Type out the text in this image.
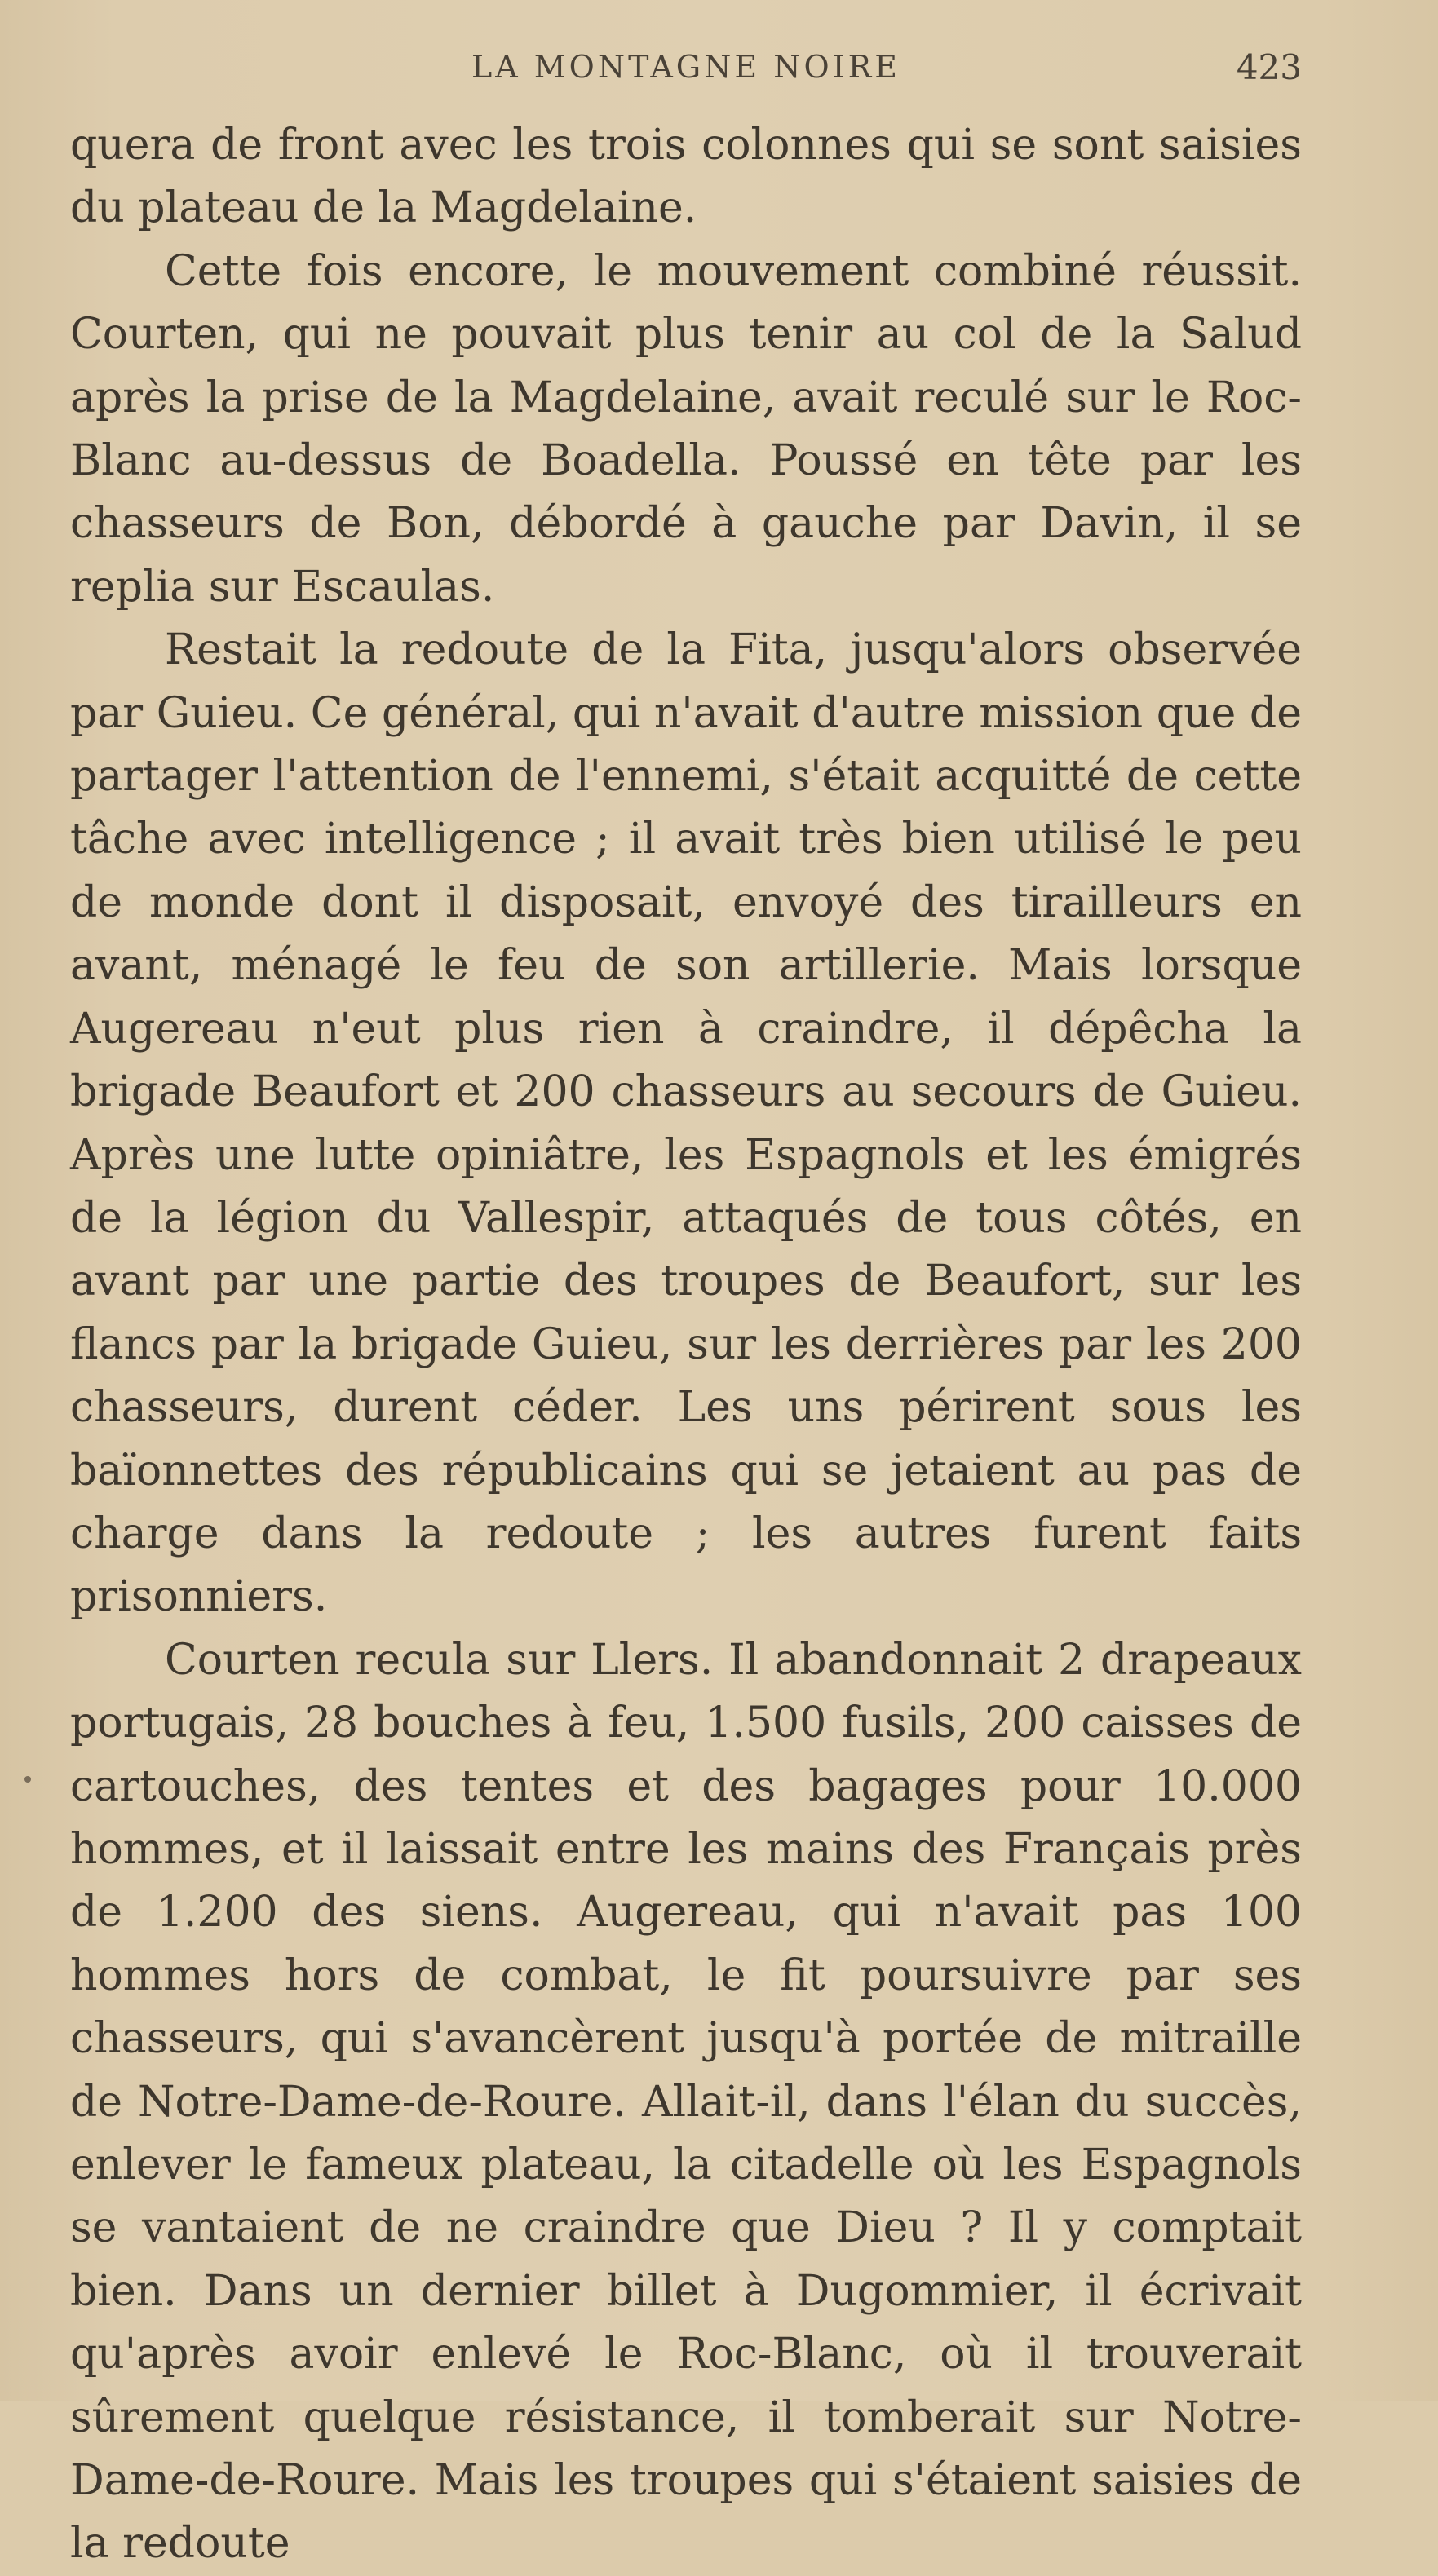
LA MONTAGNE NOIRE	423

quera de front avec les trois colonnes qui se sont saisies du plateau de la Magdelaine.

Cette fois encore, le mouvement combiné réussit. Courten, qui ne pouvait plus tenir au col de la Salud après la prise de la Magdelaine, avait reculé sur le Roc-Blanc au-dessus de Boadella. Poussé en tête par les chasseurs de Bon, débordé à gauche par Davin, il se replia sur Escaulas.

Restait la redoute de la Fita, jusqu'alors observée par Guieu. Ce général, qui n'avait d'autre mission que de partager l'attention de l'ennemi, s'était acquitté de cette tâche avec intelligence ; il avait très bien utilisé le peu de monde dont il disposait, envoyé des tirailleurs en avant, ménagé le feu de son artillerie. Mais lorsque Augereau n'eut plus rien à craindre, il dépêcha la brigade Beaufort et 200 chasseurs au secours de Guieu. Après une lutte opiniâtre, les Espagnols et les émigrés de la légion du Vallespir, attaqués de tous côtés, en avant par une partie des troupes de Beaufort, sur les flancs par la brigade Guieu, sur les derrières par les 200 chasseurs, durent céder. Les uns périrent sous les baïonnettes des républicains qui se jetaient au pas de charge dans la redoute ; les autres furent faits prisonniers.

Courten recula sur Llers. Il abandonnait 2 drapeaux portugais, 28 bouches à feu, 1.500 fusils, 200 caisses de cartouches, des tentes et des bagages pour 10.000 hommes, et il laissait entre les mains des Français près de 1.200 des siens. Augereau, qui n'avait pas 100 hommes hors de combat, le fit poursuivre par ses chasseurs, qui s'avancèrent jusqu'à portée de mitraille de Notre-Dame-de-Roure. Allait-il, dans l'élan du succès, enlever le fameux plateau, la citadelle où les Espagnols se vantaient de ne craindre que Dieu ? Il y comptait bien. Dans un dernier billet à Dugommier, il écrivait qu'après avoir enlevé le Roc-Blanc, où il trouverait sûrement quelque résistance, il tomberait sur Notre-Dame-de-Roure. Mais les troupes qui s'étaient saisies de la redoute
